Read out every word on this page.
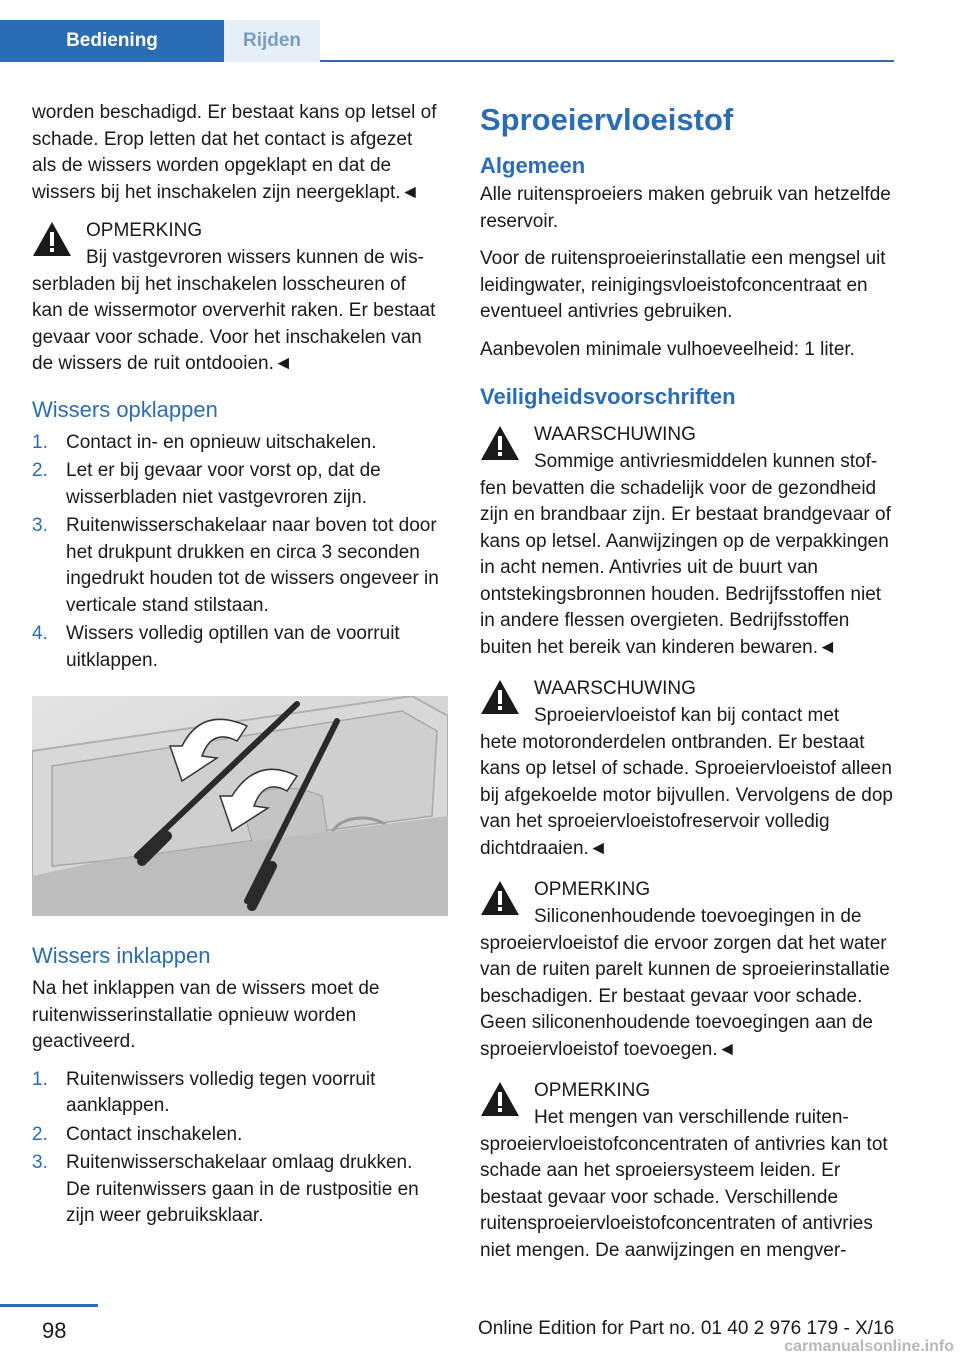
Bediening	Rijden

worden beschadigd. Er bestaat kans op letsel of schade. Erop letten dat het contact is afgezet als de wissers worden opgeklapt en dat de wissers bij het inschakelen zijn neergeklapt.◄

OPMERKING
Bij vastgevroren wissers kunnen de wis-
serbladen bij het inschakelen losscheuren of kan de wissermotor oververhit raken. Er bestaat gevaar voor schade. Voor het inschakelen van de wissers de ruit ontdooien.◄
Wissers opklappen
1. Contact in- en opnieuw uitschakelen.
2. Let er bij gevaar voor vorst op, dat de wisserbladen niet vastgevroren zijn.
3. Ruitenwisserschakelaar naar boven tot door het drukpunt drukken en circa 3 seconden ingedrukt houden tot de wissers ongeveer in verticale stand stilstaan.
4. Wissers volledig optillen van de voorruit uitklappen.
Wissers inklappen

Na het inklappen van de wissers moet de ruitenwisserinstallatie opnieuw worden geactiveerd.

1. Ruitenwissers volledig tegen voorruit aanklappen.
2. Contact inschakelen.
3. Ruitenwisserschakelaar omlaag drukken. De ruitenwissers gaan in de rustpositie en zijn weer gebruiksklaar.
Sproeiervloeistof
Algemeen

Alle ruitensproeiers maken gebruik van hetzelfde reservoir.

Voor de ruitensproeierinstallatie een mengsel uit leidingwater, reinigingsvloeistofconcentraat en eventueel antivries gebruiken.

Aanbevolen minimale vulhoeveelheid: 1 liter.

Veiligheidsvoorschriften
WAARSCHUWING
Sommige antivriesmiddelen kunnen stof-
fen bevatten die schadelijk voor de gezondheid zijn en brandbaar zijn. Er bestaat brandgevaar of kans op letsel. Aanwijzingen op de verpakkingen in acht nemen. Antivries uit de buurt van ontstekingsbronnen houden. Bedrijfsstoffen niet in andere flessen overgieten. Bedrijfsstoffen buiten het bereik van kinderen bewaren.◄
WAARSCHUWING
Sproeiervloeistof kan bij contact met
hete motoronderdelen ontbranden. Er bestaat kans op letsel of schade. Sproeiervloeistof alleen bij afgekoelde motor bijvullen. Vervolgens de dop van het sproeiervloeistofreservoir volledig dichtdraaien.◄
OPMERKING
Siliconenhoudende toevoegingen in de
sproeiervloeistof die ervoor zorgen dat het water van de ruiten parelt kunnen de sproeierinstallatie beschadigen. Er bestaat gevaar voor schade. Geen siliconenhoudende toevoegingen aan de sproeiervloeistof toevoegen.◄
OPMERKING
Het mengen van verschillende ruiten-
sproeiervloeistofconcentraten of antivries kan tot schade aan het sproeiersysteem leiden. Er bestaat gevaar voor schade. Verschillende ruitensproeiervloeistofconcentraten of antivries niet mengen. De aanwijzingen en mengver-
98	Online Edition for Part no. 01 40 2 976 179 - X/16
carmanualsonline.info
